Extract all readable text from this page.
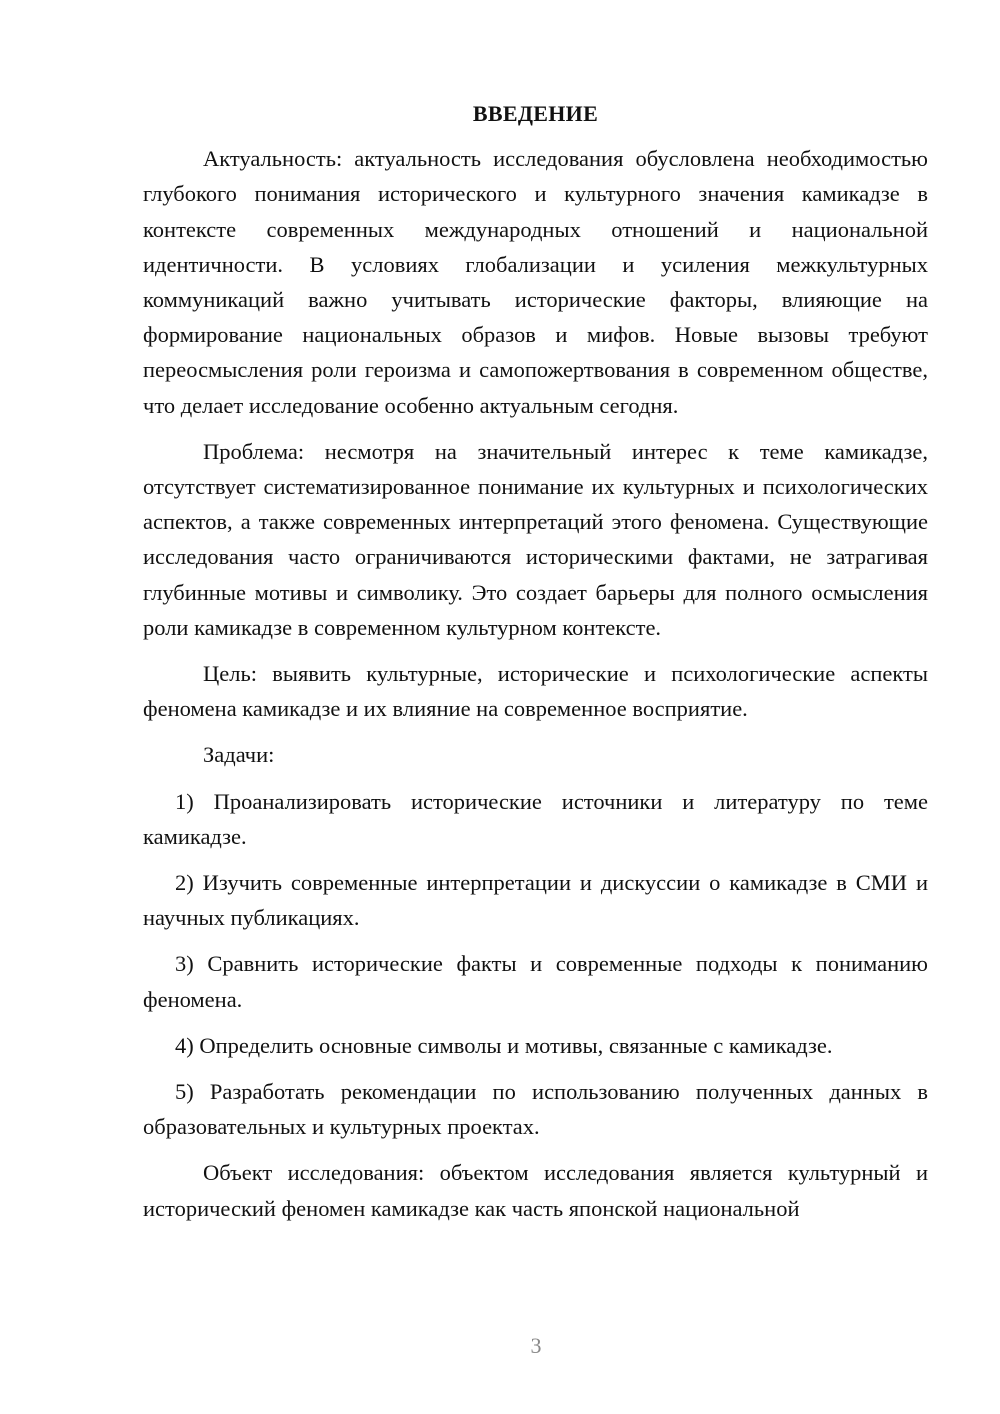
ВВЕДЕНИЕ

Актуальность: актуальность исследования обусловлена необходимостью глубокого понимания исторического и культурного значения камикадзе в контексте современных международных отношений и национальной идентичности. В условиях глобализации и усиления межкультурных коммуникаций важно учитывать исторические факторы, влияющие на формирование национальных образов и мифов. Новые вызовы требуют переосмысления роли героизма и самопожертвования в современном обществе, что делает исследование особенно актуальным сегодня.

Проблема: несмотря на значительный интерес к теме камикадзе, отсутствует систематизированное понимание их культурных и психологических аспектов, а также современных интерпретаций этого феномена. Существующие исследования часто ограничиваются историческими фактами, не затрагивая глубинные мотивы и символику. Это создает барьеры для полного осмысления роли камикадзе в современном культурном контексте.

Цель: выявить культурные, исторические и психологические аспекты феномена камикадзе и их влияние на современное восприятие.

Задачи:

1) Проанализировать исторические источники и литературу по теме камикадзе.

2) Изучить современные интерпретации и дискуссии о камикадзе в СМИ и научных публикациях.

3) Сравнить исторические факты и современные подходы к пониманию феномена.

4) Определить основные символы и мотивы, связанные с камикадзе.

5) Разработать рекомендации по использованию полученных данных в образовательных и культурных проектах.

Объект исследования: объектом исследования является культурный и исторический феномен камикадзе как часть японской национальной

3
